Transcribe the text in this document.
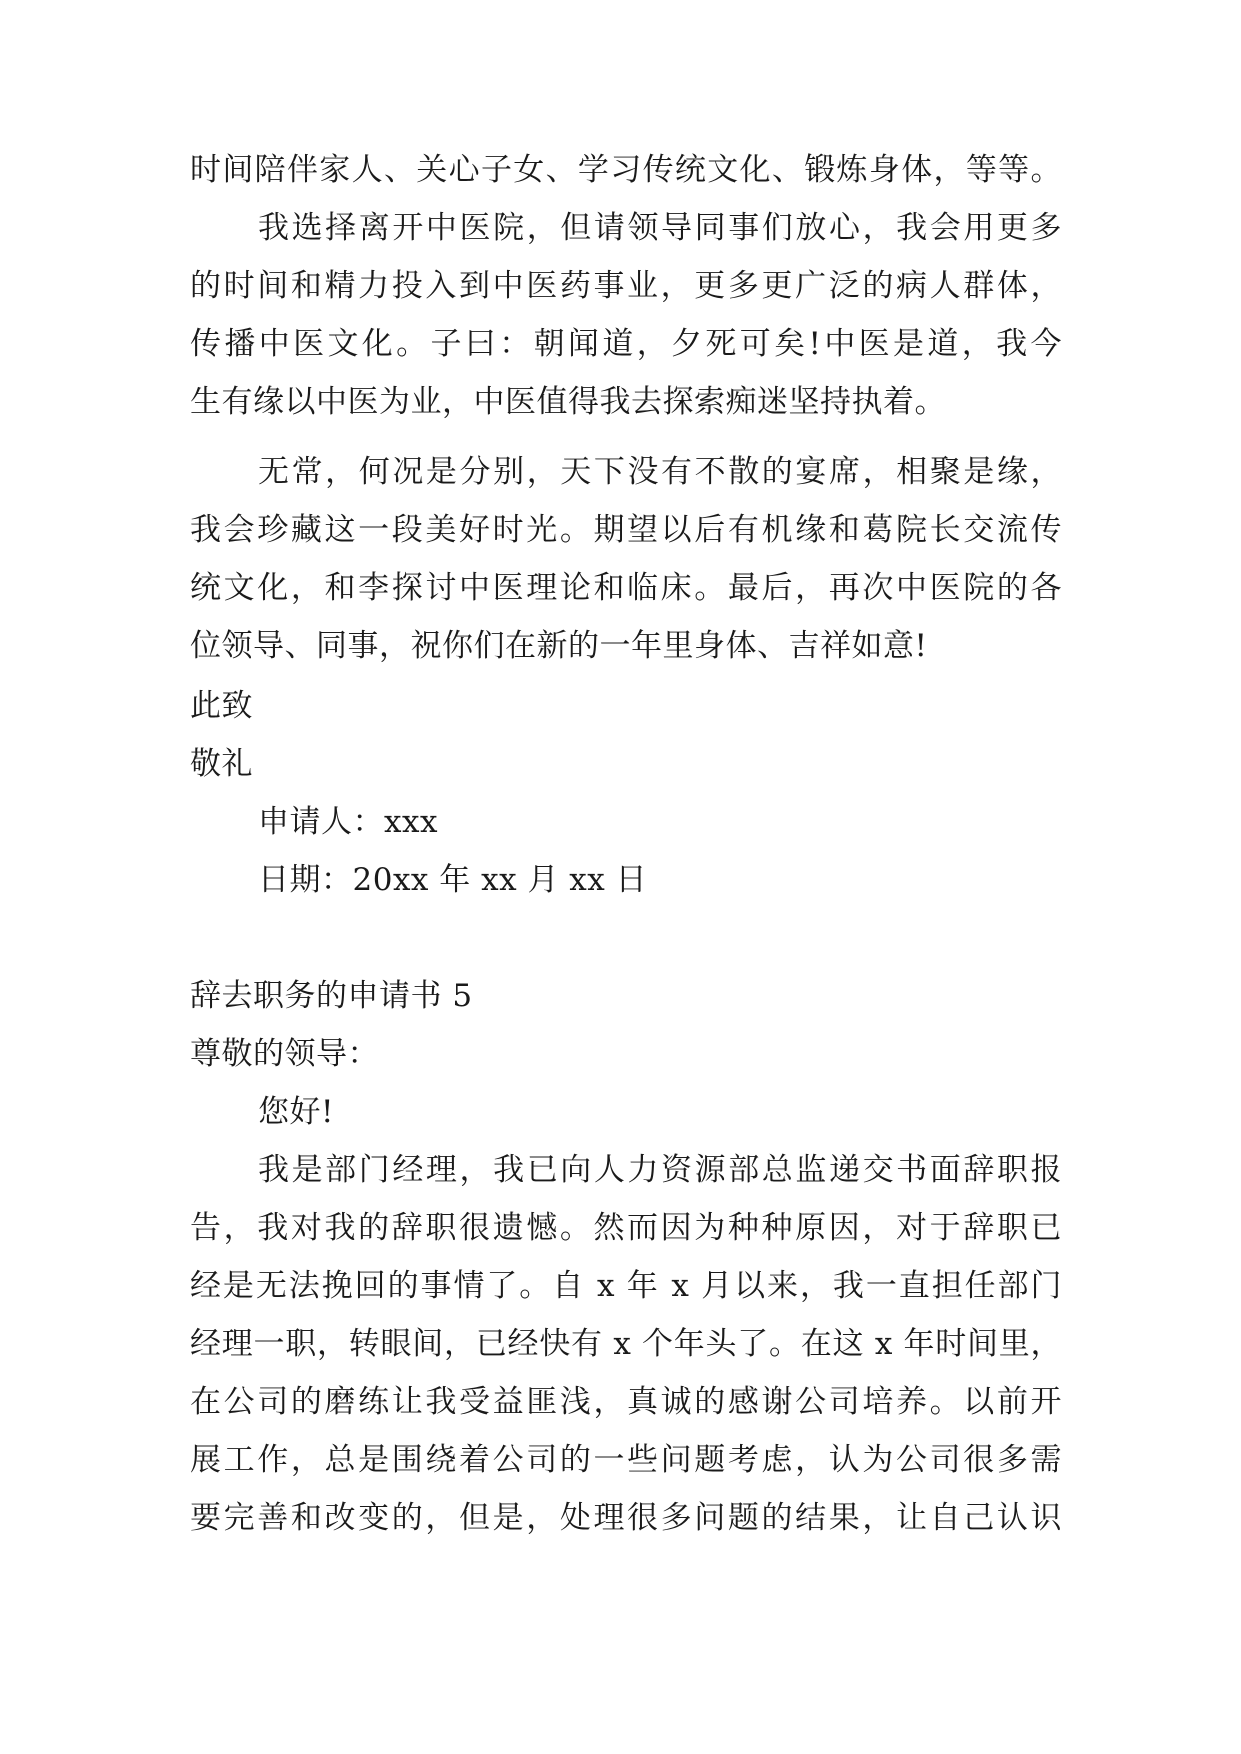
时间陪伴家人、关心子女、学习传统文化、锻炼身体，等等。
我选择离开中医院，但请领导同事们放心，我会用更多
的时间和精力投入到中医药事业，更多更广泛的病人群体，
传播中医文化。子曰：朝闻道，夕死可矣!中医是道，我今
生有缘以中医为业，中医值得我去探索痴迷坚持执着。
无常，何况是分别，天下没有不散的宴席，相聚是缘，
我会珍藏这一段美好时光。期望以后有机缘和葛院长交流传
统文化，和李探讨中医理论和临床。最后，再次中医院的各
位领导、同事，祝你们在新的一年里身体、吉祥如意!
此致
敬礼
申请人：xxx
日期：20xx 年 xx 月 xx 日
辞去职务的申请书 5
尊敬的领导：
您好!
我是部门经理，我已向人力资源部总监递交书面辞职报
告，我对我的辞职很遗憾。然而因为种种原因，对于辞职已
经是无法挽回的事情了。自 x 年 x 月以来，我一直担任部门
经理一职，转眼间，已经快有 x 个年头了。在这 x 年时间里，
在公司的磨练让我受益匪浅，真诚的感谢公司培养。以前开
展工作，总是围绕着公司的一些问题考虑，认为公司很多需
要完善和改变的，但是，处理很多问题的结果，让自己认识
